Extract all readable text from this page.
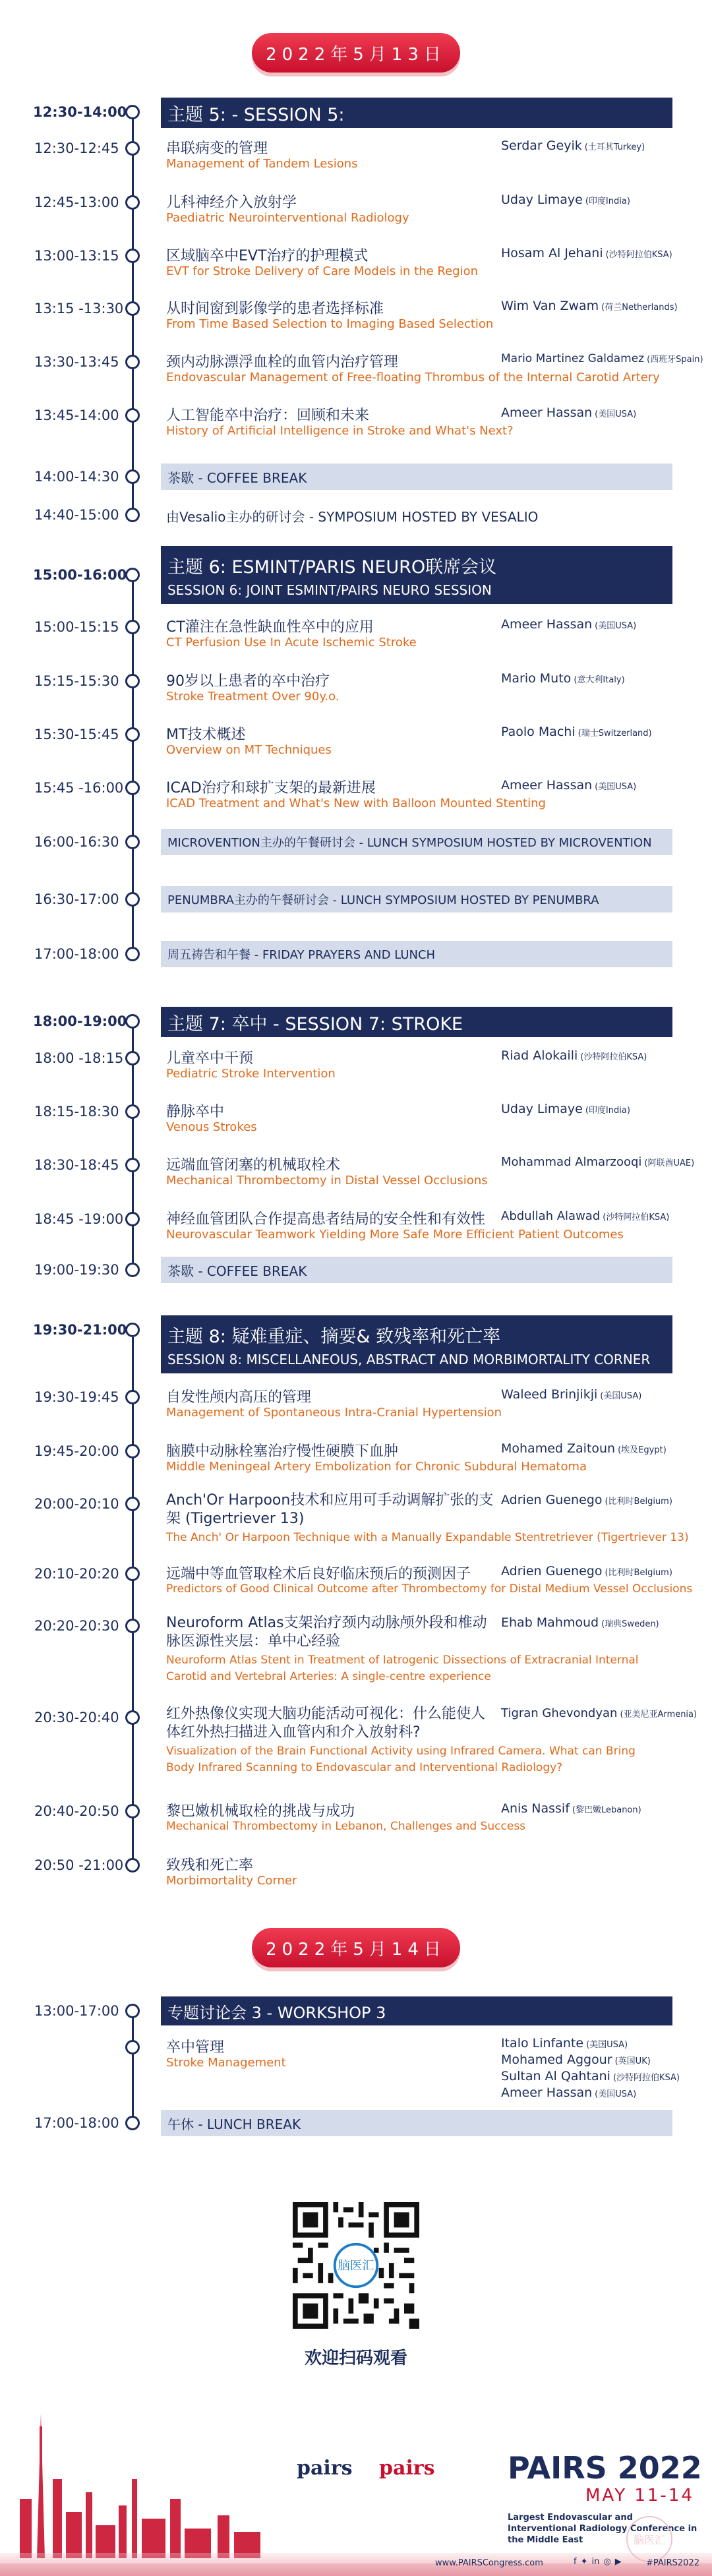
2022年5月13日
12:30-14:00 主题 5: - SESSION 5:
12:30-12:45	串联病变的管理
Management of Tandem Lesions
Serdar Geyik (土耳其Turkey)
12:45-13:00	儿科神经介入放射学
Paediatric Neurointerventional Radiology
Uday Limaye (印度India)
13:00-13:15	区域脑卒中EVT治疗的护理模式
EVT for Stroke Delivery of Care Models in the Region
Hosam Al Jehani (沙特阿拉伯KSA)
13:15 -13:30	从时间窗到影像学的患者选择标准
From Time Based Selection to Imaging Based Selection
Wim Van Zwam (荷兰Netherlands)
13:30-13:45	颈内动脉漂浮血栓的血管内治疗管理
Endovascular Management of Free-floating Thrombus of the Internal Carotid Artery
Mario Martinez Galdamez (西班牙Spain)
13:45-14:00	人工智能卒中治疗：回顾和未来
History of Artificial Intelligence in Stroke and What's Next?
Ameer Hassan (美国USA)
14:00-14:30	茶歇 - COFFEE BREAK
14:40-15:00	由Vesalio主办的研讨会 - SYMPOSIUM HOSTED BY VESALIO
15:00-16:00 主题 6: ESMINT/PARIS NEURO联席会议
SESSION 6: JOINT ESMINT/PAIRS NEURO SESSION
15:00-15:15	CT灌注在急性缺血性卒中的应用
CT Perfusion Use In Acute Ischemic Stroke
Ameer Hassan (美国USA)
15:15-15:30	90岁以上患者的卒中治疗
Stroke Treatment Over 90y.o.
Mario Muto (意大利Italy)
15:30-15:45	MT技术概述
Overview on MT Techniques
Paolo Machi (瑞士Switzerland)
15:45 -16:00	ICAD治疗和球扩支架的最新进展
ICAD Treatment and What's New with Balloon Mounted Stenting
Ameer Hassan (美国USA)
16:00-16:30	MICROVENTION主办的午餐研讨会 - LUNCH SYMPOSIUM HOSTED BY MICROVENTION
16:30-17:00	PENUMBRA主办的午餐研讨会 - LUNCH SYMPOSIUM HOSTED BY PENUMBRA
17:00-18:00	周五祷告和午餐 - FRIDAY PRAYERS AND LUNCH
18:00-19:00 主题 7: 卒中 - SESSION 7: STROKE
18:00 -18:15	儿童卒中干预
Pediatric Stroke Intervention
Riad Alokaili (沙特阿拉伯KSA)
18:15-18:30	静脉卒中
Venous Strokes
Uday Limaye (印度India)
18:30-18:45	远端血管闭塞的机械取栓术
Mechanical Thrombectomy in Distal Vessel Occlusions
Mohammad Almarzooqi (阿联酋UAE)
18:45 -19:00	神经血管团队合作提高患者结局的安全性和有效性
Neurovascular Teamwork Yielding More Safe More Efficient Patient Outcomes
Abdullah Alawad (沙特阿拉伯KSA)
19:00-19:30	茶歇 - COFFEE BREAK
19:30-21:00 主题 8: 疑难重症、摘要& 致残率和死亡率
SESSION 8: MISCELLANEOUS, ABSTRACT AND MORBIMORTALITY CORNER
19:30-19:45	自发性颅内高压的管理
Management of Spontaneous Intra-Cranial Hypertension
Waleed Brinjikji (美国USA)
19:45-20:00	脑膜中动脉栓塞治疗慢性硬膜下血肿
Middle Meningeal Artery Embolization for Chronic Subdural Hematoma
Mohamed Zaitoun (埃及Egypt)
20:00-20:10	Anch'Or Harpoon技术和应用可手动调解扩张的支架 (Tigertriever 13)
The Anch' Or Harpoon Technique with a Manually Expandable Stentretriever (Tigertriever 13)
Adrien Guenego (比利时Belgium)
20:10-20:20	远端中等血管取栓术后良好临床预后的预测因子
Predictors of Good Clinical Outcome after Thrombectomy for Distal Medium Vessel Occlusions
Adrien Guenego (比利时Belgium)
20:20-20:30	Neuroform Atlas支架治疗颈内动脉颅外段和椎动脉医源性夹层：单中心经验
Neuroform Atlas Stent in Treatment of Iatrogenic Dissections of Extracranial Internal Carotid and Vertebral Arteries: A single-centre experience
Ehab Mahmoud (瑞典Sweden)
20:30-20:40	红外热像仪实现大脑功能活动可视化：什么能使人体红外热扫描进入血管内和介入放射科?
Visualization of the Brain Functional Activity using Infrared Camera. What can Bring Body Infrared Scanning to Endovascular and Interventional Radiology?
Tigran Ghevondyan (亚美尼亚Armenia)
20:40-20:50	黎巴嫩机械取栓的挑战与成功
Mechanical Thrombectomy in Lebanon, Challenges and Success
Anis Nassif (黎巴嫩Lebanon)
20:50 -21:00	致残和死亡率
Morbimortality Corner
2022年5月14日
13:00-17:00	专题讨论会 3 - WORKSHOP 3
卒中管理
Stroke Management
Italo Linfante (美国USA)
Mohamed Aggour (英国UK)
Sultan Al Qahtani (沙特阿拉伯KSA)
Ameer Hassan (美国USA)
17:00-18:00	午休 - LUNCH BREAK
脑医汇
欢迎扫码观看
pairs pairs PAIRS 2022
MAY 11-14
Largest Endovascular and Interventional Radiology Conference in the Middle East	脑医汇
www.PAIRSCongress.com	f ✦ in ◎ ▶	#PAIRS2022
